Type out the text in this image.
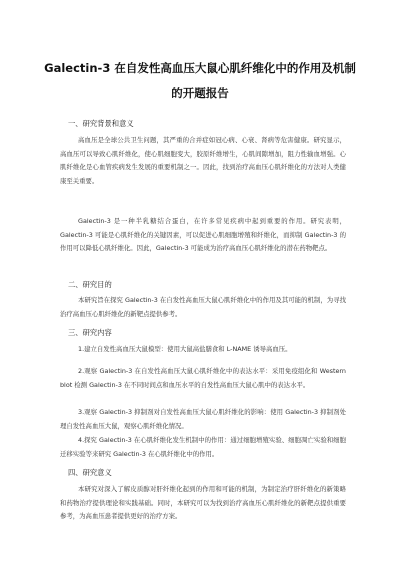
Galectin-3 在自发性高血压大鼠心肌纤维化中的作用及机制的开题报告
一、研究背景和意义
高血压是全球公共卫生问题，其严重的合并症如冠心病、心衰、肾病等危害健康。研究显示，高血压可以导致心肌纤维化，使心肌细胞变大，胶原纤维增生，心肌间隙增加，阻力性输血增强。心肌纤维化是心血管疾病发生发展的重要机制之一。因此，找到治疗高血压心肌纤维化的方法对人类健康至关重要。
Galectin-3 是一种半乳糖结合蛋白，在许多常见疾病中起到重要的作用。研究表明，Galectin-3 可能是心肌纤维化的关键因素，可以促进心肌细胞增殖和纤维化，而抑制 Galectin-3 的作用可以降低心肌纤维化。因此，Galectin-3 可能成为治疗高血压心肌纤维化的潜在药物靶点。
二、研究目的
本研究旨在探究 Galectin-3 在自发性高血压大鼠心肌纤维化中的作用及其可能的机制，为寻找治疗高血压心肌纤维化的新靶点提供参考。
三、研究内容
1.建立自发性高血压大鼠模型：使用大鼠高盐膳食和 L-NAME 诱导高血压。
2.观察 Galectin-3 在自发性高血压大鼠心肌纤维化中的表达水平：采用免疫组化和 Western blot 检测 Galectin-3 在不同时间点和血压水平的自发性高血压大鼠心肌中的表达水平。
3.观察 Galectin-3 抑制剂对自发性高血压大鼠心肌纤维化的影响：使用 Galectin-3 抑制剂处理自发性高血压大鼠，观察心肌纤维化情况。
4.探究 Galectin-3 在心肌纤维化发生机制中的作用：通过细胞增殖实验、细胞凋亡实验和细胞迁移实验等来研究 Galectin-3 在心肌纤维化中的作用。
四、研究意义
本研究对深入了解皮质醇对肝纤维化起到的作用和可能的机制，为制定治疗肝纤维化的新策略和药物治疗提供理论和实践基础。同时，本研究可以为找到治疗高血压心肌纤维化的新靶点提供重要参考，为高血压患者提供更好的治疗方案。
